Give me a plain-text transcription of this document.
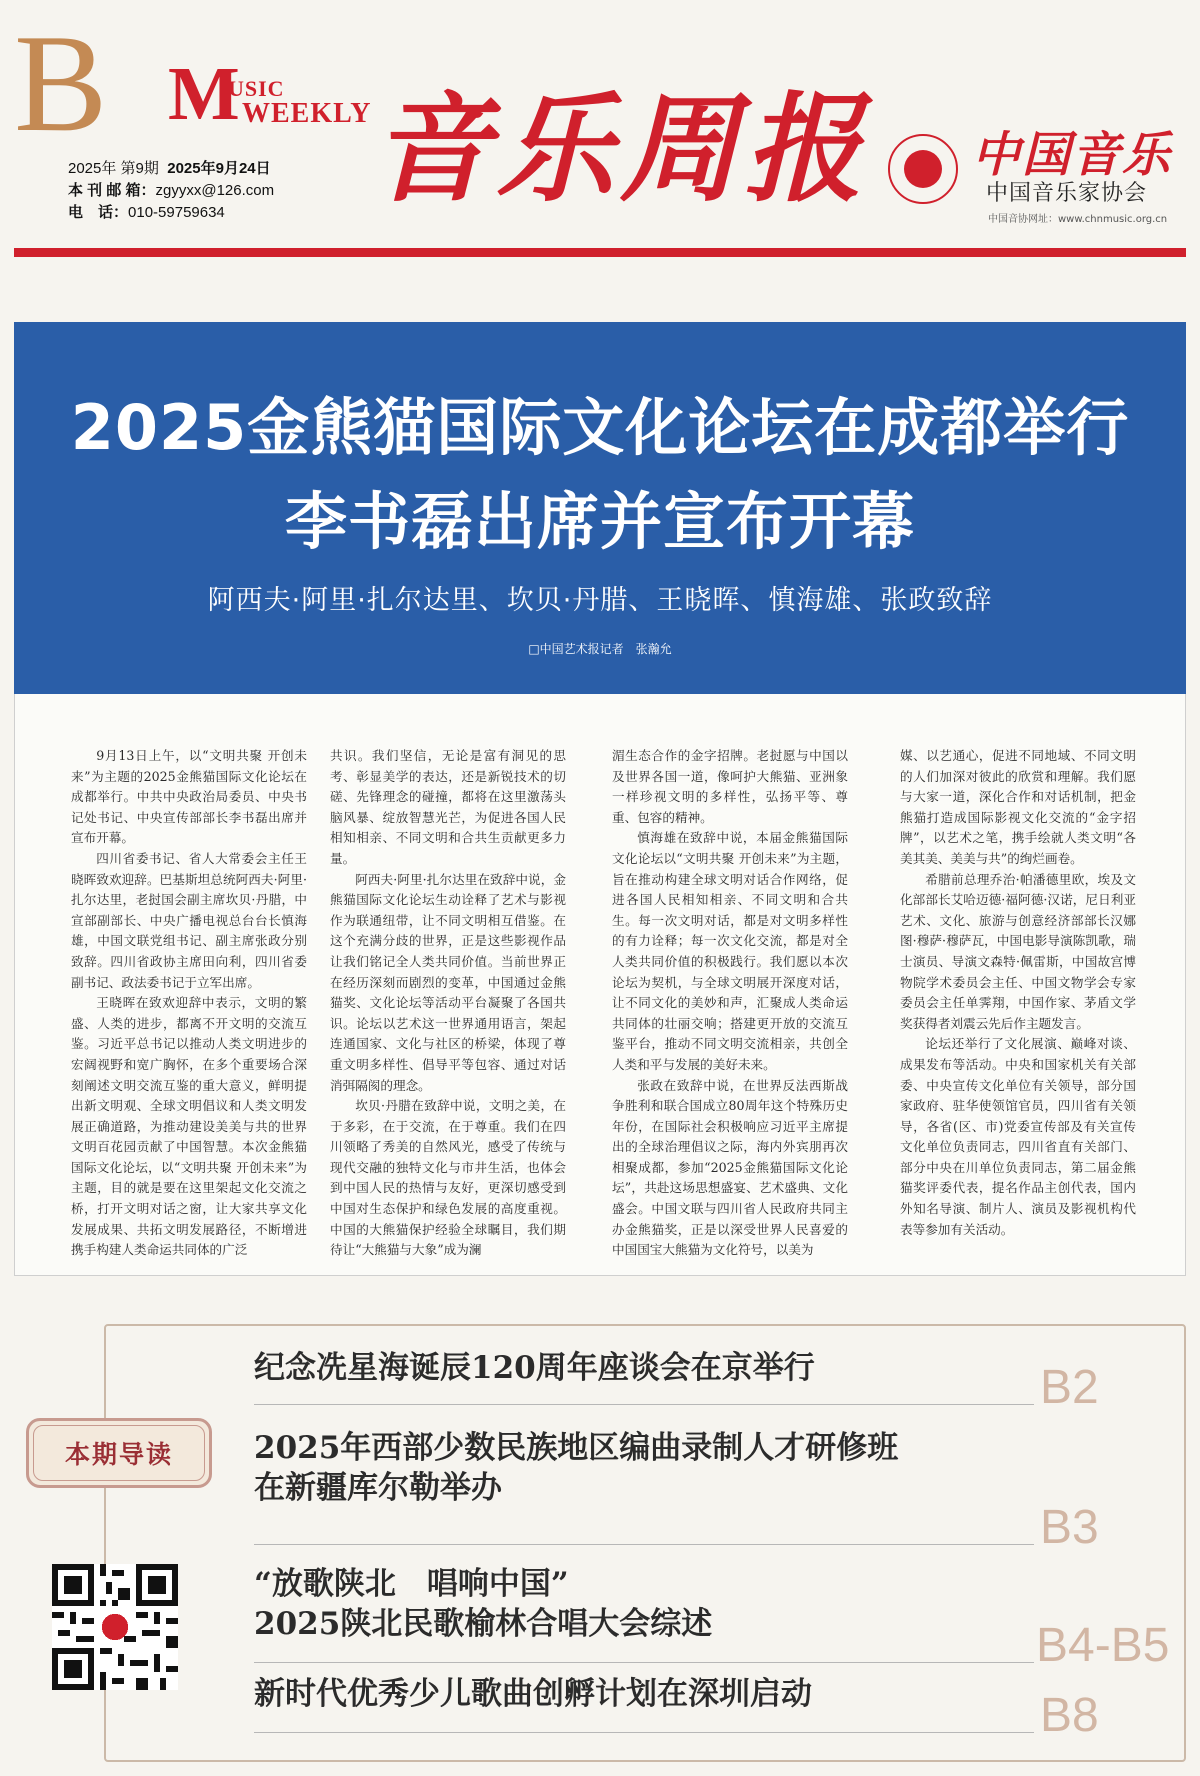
B M
USIC
WEEKLY
2025年 第9期 2025年9月24日
本 刊 邮 箱：zgyyxx@126.com
电　话：010-59759634	音乐周报 中国音乐
中国音乐家协会
中国音协网址：www.chnmusic.org.cn
2025金熊猫国际文化论坛在成都举行
李书磊出席并宣布开幕
阿西夫·阿里·扎尔达里、坎贝·丹腊、王晓晖、慎海雄、张政致辞
□中国艺术报记者　张瀚允

9月13日上午，以“文明共聚 开创未来”为主题的2025金熊猫国际文化论坛在成都举行。中共中央政治局委员、中央书记处书记、中央宣传部部长李书磊出席并宣布开幕。

四川省委书记、省人大常委会主任王晓晖致欢迎辞。巴基斯坦总统阿西夫·阿里·扎尔达里，老挝国会副主席坎贝·丹腊，中宣部副部长、中央广播电视总台台长慎海雄，中国文联党组书记、副主席张政分别致辞。四川省政协主席田向利，四川省委副书记、政法委书记于立军出席。

王晓晖在致欢迎辞中表示，文明的繁盛、人类的进步，都离不开文明的交流互鉴。习近平总书记以推动人类文明进步的宏阔视野和宽广胸怀，在多个重要场合深刻阐述文明交流互鉴的重大意义，鲜明提出新文明观、全球文明倡议和人类文明发展正确道路，为推动建设美美与共的世界文明百花园贡献了中国智慧。本次金熊猫国际文化论坛，以“文明共聚 开创未来”为主题，目的就是要在这里架起文化交流之桥，打开文明对话之窗，让大家共享文化发展成果、共拓文明发展路径，不断增进携手构建人类命运共同体的广泛

共识。我们坚信，无论是富有洞见的思考、彰显美学的表达，还是新锐技术的切磋、先锋理念的碰撞，都将在这里激荡头脑风暴、绽放智慧光芒，为促进各国人民相知相亲、不同文明和合共生贡献更多力量。

阿西夫·阿里·扎尔达里在致辞中说，金熊猫国际文化论坛生动诠释了艺术与影视作为联通纽带，让不同文明相互借鉴。在这个充满分歧的世界，正是这些影视作品让我们铭记全人类共同价值。当前世界正在经历深刻而剧烈的变革，中国通过金熊猫奖、文化论坛等活动平台凝聚了各国共识。论坛以艺术这一世界通用语言，架起连通国家、文化与社区的桥梁，体现了尊重文明多样性、倡导平等包容、通过对话消弭隔阂的理念。

坎贝·丹腊在致辞中说，文明之美，在于多彩，在于交流，在于尊重。我们在四川领略了秀美的自然风光，感受了传统与现代交融的独特文化与市井生活，也体会到中国人民的热情与友好，更深切感受到中国对生态保护和绿色发展的高度重视。中国的大熊猫保护经验全球瞩目，我们期待让“大熊猫与大象”成为澜

湄生态合作的金字招牌。老挝愿与中国以及世界各国一道，像呵护大熊猫、亚洲象一样珍视文明的多样性，弘扬平等、尊重、包容的精神。

慎海雄在致辞中说，本届金熊猫国际文化论坛以“文明共聚 开创未来”为主题，旨在推动构建全球文明对话合作网络，促进各国人民相知相亲、不同文明和合共生。每一次文明对话，都是对文明多样性的有力诠释；每一次文化交流，都是对全人类共同价值的积极践行。我们愿以本次论坛为契机，与全球文明展开深度对话，让不同文化的美妙和声，汇聚成人类命运共同体的壮丽交响；搭建更开放的交流互鉴平台，推动不同文明交流相亲，共创全人类和平与发展的美好未来。

张政在致辞中说，在世界反法西斯战争胜利和联合国成立80周年这个特殊历史年份，在国际社会积极响应习近平主席提出的全球治理倡议之际，海内外宾朋再次相聚成都，参加“2025金熊猫国际文化论坛”，共赴这场思想盛宴、艺术盛典、文化盛会。中国文联与四川省人民政府共同主办金熊猫奖，正是以深受世界人民喜爱的中国国宝大熊猫为文化符号，以美为

媒、以艺通心，促进不同地域、不同文明的人们加深对彼此的欣赏和理解。我们愿与大家一道，深化合作和对话机制，把金熊猫打造成国际影视文化交流的“金字招牌”，以艺术之笔，携手绘就人类文明“各美其美、美美与共”的绚烂画卷。

希腊前总理乔治·帕潘德里欧，埃及文化部部长艾哈迈德·福阿德·汉诺，尼日利亚艺术、文化、旅游与创意经济部部长汉娜图·穆萨·穆萨瓦，中国电影导演陈凯歌，瑞士演员、导演文森特·佩雷斯，中国故宫博物院学术委员会主任、中国文物学会专家委员会主任单霁翔，中国作家、茅盾文学奖获得者刘震云先后作主题发言。

论坛还举行了文化展演、巅峰对谈、成果发布等活动。中央和国家机关有关部委、中央宣传文化单位有关领导，部分国家政府、驻华使领馆官员，四川省有关领导，各省(区、市)党委宣传部及有关宣传文化单位负责同志，四川省直有关部门、部分中央在川单位负责同志，第二届金熊猫奖评委代表，提名作品主创代表，国内外知名导演、制片人、演员及影视机构代表等参加有关活动。

本期导读
纪念冼星海诞辰120周年座谈会在京举行	B2
2025年西部少数民族地区编曲录制人才研修班
在新疆库尔勒举办
B3
“放歌陕北　唱响中国”
2025陕北民歌榆林合唱大会综述	B4-B5
新时代优秀少儿歌曲创孵计划在深圳启动	B8
